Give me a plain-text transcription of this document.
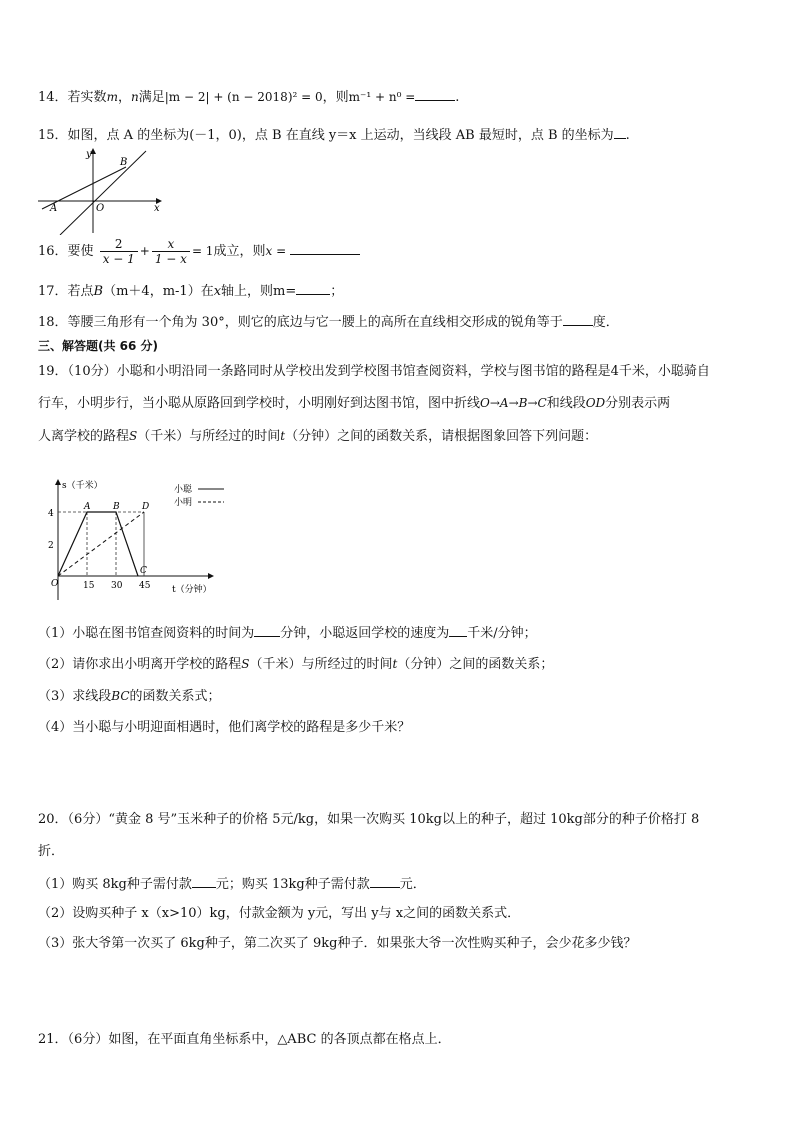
14．若实数m，n满足|m − 2| + (n − 2018)² = 0，则m⁻¹ + n⁰ =	.
15．如图，点 A 的坐标为(－1，0)，点 B 在直线 y＝x 上运动，当线段 AB 最短时，点 B 的坐标为 .
y
x
A	O
B
16．要使 $\frac{2}{x - 1} + \frac{x}{1 - x} = 1$成立，则x =
17．若点B（m＋4，m-1）在x轴上，则m=	；
18．等腰三角形有一个角为 30°，则它的底边与它一腰上的高所在直线相交形成的锐角等于 度．
三、解答题(共 66 分)
19．（10分）小聪和小明沿同一条路同时从学校出发到学校图书馆查阅资料，学校与图书馆的路程是4千米，小聪骑自
行车，小明步行，当小聪从原路回到学校时，小明刚好到达图书馆，图中折线O→A→B→C和线段OD分别表示两
人离学校的路程S（千米）与所经过的时间t（分钟）之间的函数关系，请根据图象回答下列问题：
s（千米）
t（分钟）
4
2
15 30 45
O
A	B
C
D
小聪
小明
（1）小聪在图书馆查阅资料的时间为 分钟，小聪返回学校的速度为 千米/分钟；
（2）请你求出小明离开学校的路程S（千米）与所经过的时间t（分钟）之间的函数关系；
（3）求线段BC的函数关系式；
（4）当小聪与小明迎面相遇时，他们离学校的路程是多少千米？
20．（6分）“黄金 8 号”玉米种子的价格 5元/kg，如果一次购买 10kg以上的种子，超过 10kg部分的种子价格打 8
折．
（1）购买 8kg种子需付款 元；购买 13kg种子需付款 元．
（2）设购买种子 x（x>10）kg，付款金额为 y元，写出 y与 x之间的函数关系式．
（3）张大爷第一次买了 6kg种子，第二次买了 9kg种子．如果张大爷一次性购买种子，会少花多少钱？
21．（6分）如图，在平面直角坐标系中，△ABC 的各顶点都在格点上．
